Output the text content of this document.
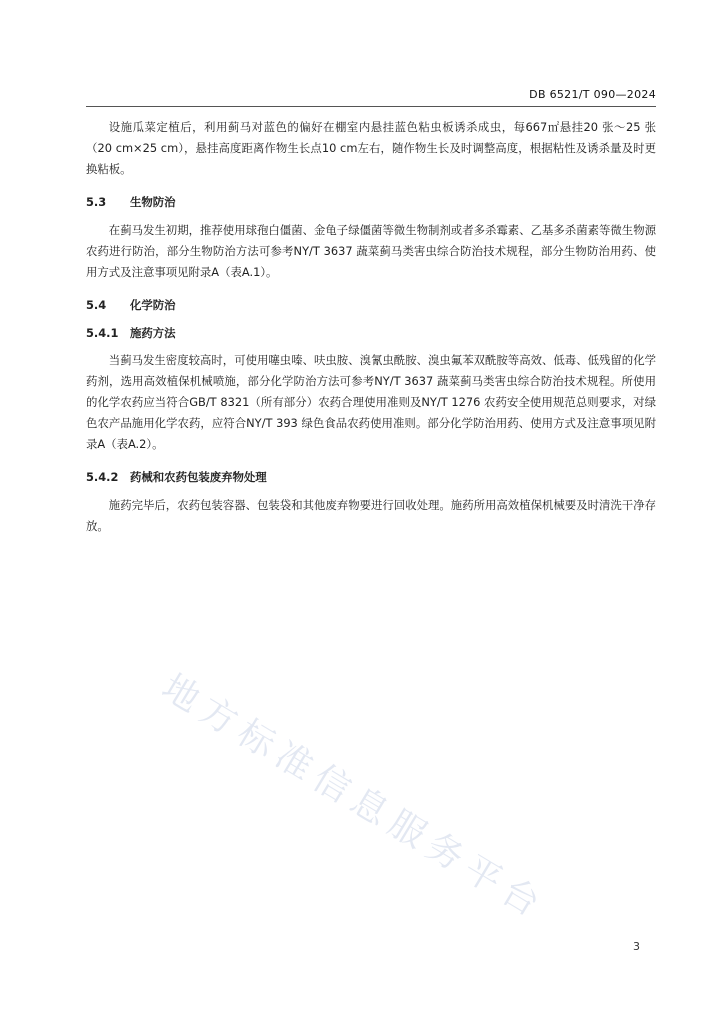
DB 6521/T 090—2024

设施瓜菜定植后，利用蓟马对蓝色的偏好在棚室内悬挂蓝色粘虫板诱杀成虫，每667㎡悬挂20 张～25 张（20 cm×25 cm），悬挂高度距离作物生长点10 cm左右，随作物生长及时调整高度，根据粘性及诱杀量及时更换粘板。

5.3 生物防治

在蓟马发生初期，推荐使用球孢白僵菌、金龟子绿僵菌等微生物制剂或者多杀霉素、乙基多杀菌素等微生物源农药进行防治，部分生物防治方法可参考NY/T 3637 蔬菜蓟马类害虫综合防治技术规程，部分生物防治用药、使用方式及注意事项见附录A（表A.1）。

5.4 化学防治

5.4.1 施药方法

当蓟马发生密度较高时，可使用噻虫嗪、呋虫胺、溴氰虫酰胺、溴虫氟苯双酰胺等高效、低毒、低残留的化学药剂，选用高效植保机械喷施，部分化学防治方法可参考NY/T 3637 蔬菜蓟马类害虫综合防治技术规程。所使用的化学农药应当符合GB/T 8321（所有部分）农药合理使用准则及NY/T 1276 农药安全使用规范总则要求，对绿色农产品施用化学农药，应符合NY/T 393 绿色食品农药使用准则。部分化学防治用药、使用方式及注意事项见附录A（表A.2）。

5.4.2 药械和农药包装废弃物处理

施药完毕后，农药包装容器、包装袋和其他废弃物要进行回收处理。施药所用高效植保机械要及时清洗干净存放。

地方标准信息服务平台
3
